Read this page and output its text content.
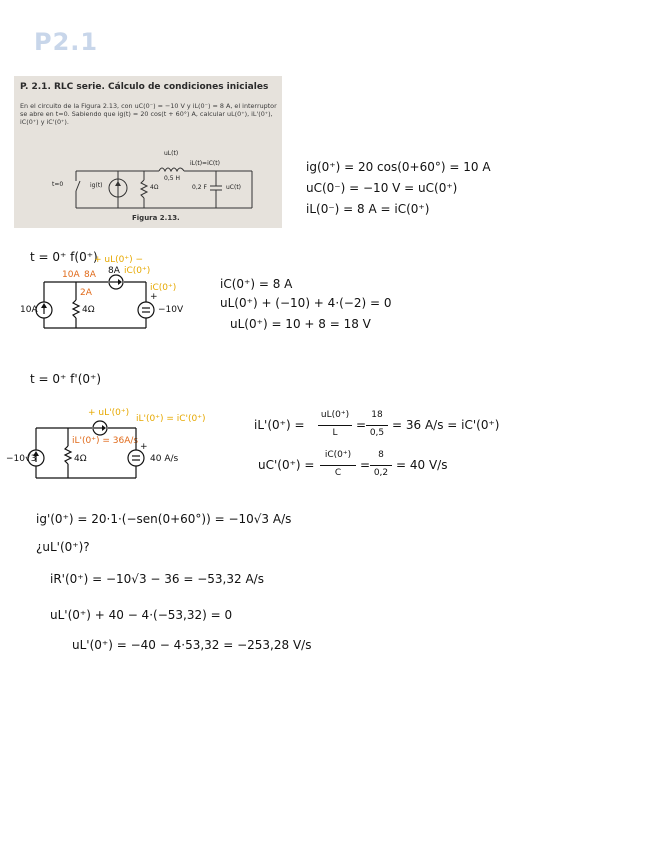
P2.1
P. 2.1. RLC serie. Cálculo de condiciones iniciales
En el circuito de la Figura 2.13, con uC(0⁻) = −10 V y iL(0⁻) = 8 A, el interruptor se abre en t=0. Sabiendo que ig(t) = 20 cos(t + 60°) A, calcular uL(0⁺), iL'(0⁺), iC(0⁺) y iC'(0⁺).
t=0	ig(t)	4Ω
0,5 H
uL(t)
iL(t)=iC(t)
0,2 F	uC(t)
Figura 2.13.
ig(0⁺) = 20 cos(0+60°) = 10 A
uC(0⁻) = −10 V = uC(0⁺)
iL(0⁻) = 8 A = iC(0⁺)
t = 0⁺ f(0⁺)
+ uL(0⁺) −
10A 8A 8A
2A
iC(0⁺)
iC(0⁺)
10A	4Ω	−10V
+
iC(0⁺) = 8 A
uL(0⁺) + (−10) + 4·(−2) = 0
uL(0⁺) = 10 + 8 = 18 V
t = 0⁺ f'(0⁺)
+ uL'(0⁺)
iL'(0⁺) = iC'(0⁺)
iL'(0⁺) = 36A/s
−10√3	4Ω	40 A/s
+
iL'(0⁺) =
uL(0⁺)
L
=
18
0,5
= 36 A/s = iC'(0⁺)
uC'(0⁺) =
iC(0⁺)
C
=
8
0,2
= 40 V/s
ig'(0⁺) = 20·1·(−sen(0+60°)) = −10√3 A/s
¿uL'(0⁺)?
iR'(0⁺) = −10√3 − 36 = −53,32 A/s
uL'(0⁺) + 40 − 4·(−53,32) = 0
uL'(0⁺) = −40 − 4·53,32 = −253,28 V/s
